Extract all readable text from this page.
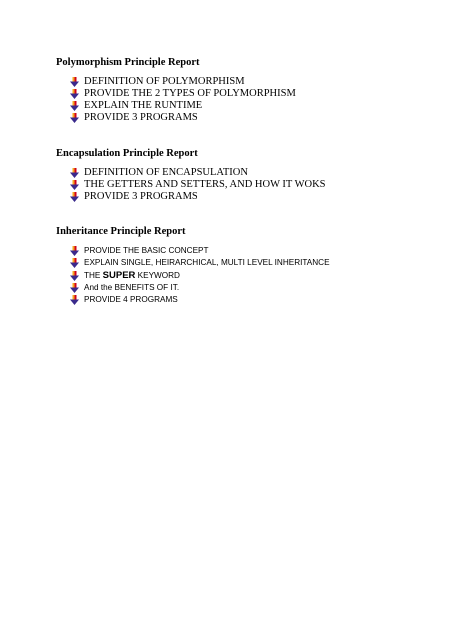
Polymorphism Principle Report
DEFINITION OF POLYMORPHISM
PROVIDE THE 2 TYPES OF POLYMORPHISM
EXPLAIN THE RUNTIME
PROVIDE 3 PROGRAMS
Encapsulation Principle Report
DEFINITION OF ENCAPSULATION
THE GETTERS AND SETTERS, AND HOW IT WOKS
PROVIDE 3 PROGRAMS
Inheritance Principle Report
PROVIDE THE BASIC CONCEPT
EXPLAIN SINGLE, HEIRARCHICAL, MULTI LEVEL INHERITANCE
THE SUPER KEYWORD
And the BENEFITS OF IT.
PROVIDE 4 PROGRAMS
